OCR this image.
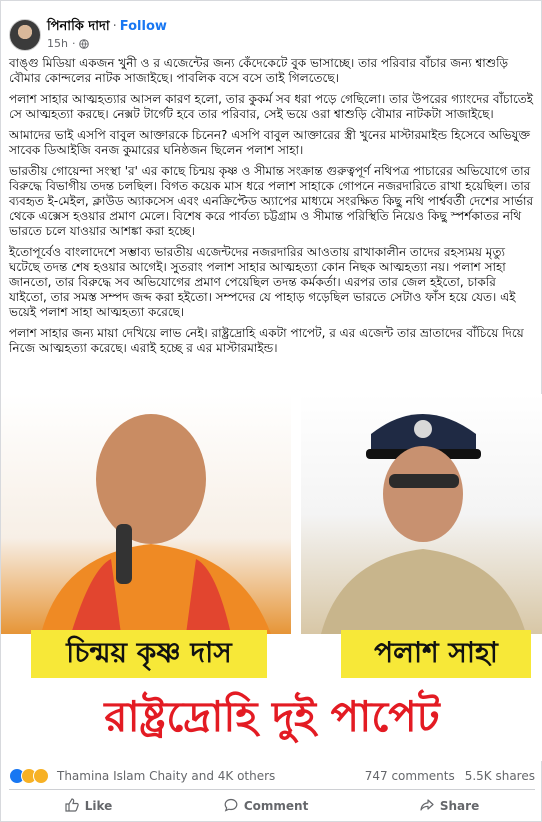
পিনাকি দাদা · Follow
15h ·

বাঙ্গু মিডিয়া একজন খুনী ও র এজেন্টের জন্য কেঁদেকেটে বুক ভাসাচ্ছে। তার পরিবার বাঁচার জন্য শ্বাশুড়ি বৌমার কোন্দলের নাটক সাজাইছে। পাবলিক বসে বসে তাই গিলতেছে।

পলাশ সাহার আত্মহত্যার আসল কারণ হলো, তার কুকর্ম সব ধরা পড়ে গেছিলো। তার উপরের গ্যাংদের বাঁচাতেই সে আত্মহত্যা করছে। নেক্সট টার্গেট হবে তার পরিবার, সেই ভয়ে ওরা শ্বাশুড়ি বৌমার নাটকটা সাজাইছে।

আমাদের ভাই এসপি বাবুল আক্তারকে চিনেন? এসপি বাবুল আক্তারের স্ত্রী খুনের মাস্টারমাইন্ড হিসেবে অভিযুক্ত সাবেক ডিআইজি বনজ কুমারের ঘনিষ্ঠজন ছিলেন পলাশ সাহা।

ভারতীয় গোয়েন্দা সংস্থা 'র' এর কাছে চিন্ময় কৃষ্ণ ও সীমান্ত সংক্রান্ত গুরুত্বপূর্ণ নথিপত্র পাচারের অভিযোগে তার বিরুদ্ধে বিভাগীয় তদন্ত চলছিল। বিগত কয়েক মাস ধরে পলাশ সাহাকে গোপনে নজরদারিতে রাখা হয়েছিল। তার ব্যবহৃত ই-মেইল, ক্লাউড অ্যাকসেস এবং এনক্রিপ্টেড অ্যাপের মাধ্যমে সংরক্ষিত কিছু নথি পার্শ্ববর্তী দেশের সার্ভার থেকে এক্সেস হওয়ার প্রমাণ মেলে। বিশেষ করে পার্বত্য চট্টগ্রাম ও সীমান্ত পরিস্থিতি নিয়েও কিছু স্পর্শকাতর নথি ভারতে চলে যাওয়ার আশঙ্কা করা হচ্ছে।

ইতোপূর্বেও বাংলাদেশে সম্ভাব্য ভারতীয় এজেন্টদের নজরদারির আওতায় রাখাকালীন তাদের রহস্যময় মৃত্যু ঘটেছে তদন্ত শেষ হওয়ার আগেই। সুতরাং পলাশ সাহার আত্মহত্যা কোন নিছক আত্মহত্যা নয়। পলাশ সাহা জানতো, তার বিরুদ্ধে সব অভিযোগের প্রমাণ পেয়েছিল তদন্ত কর্মকর্তা। এরপর তার জেল হইতো, চাকরি যাইতো, তার সমস্ত সম্পদ জব্দ করা হইতো। সম্পদের যে পাহাড় গড়েছিল ভারতে সেটাও ফাঁস হয়ে যেত। এই ভয়েই পলাশ সাহা আত্মহত্যা করেছে।

পলাশ সাহার জন্য মায়া দেখিয়ে লাভ নেই। রাষ্ট্রদ্রোহি একটা পাপেট, র এর এজেন্ট তার ভ্রাতাদের বাঁচিয়ে দিয়ে নিজে আত্মহত্যা করেছে। এরাই হচ্ছে র এর মাস্টারমাইন্ড।

চিন্ময় কৃষ্ণ দাস	পলাশ সাহা
রাষ্ট্রদ্রোহি দুই পাপেট
Thamina Islam Chaity and 4K others	747 comments 5.5K shares
Like	Comment	Share
